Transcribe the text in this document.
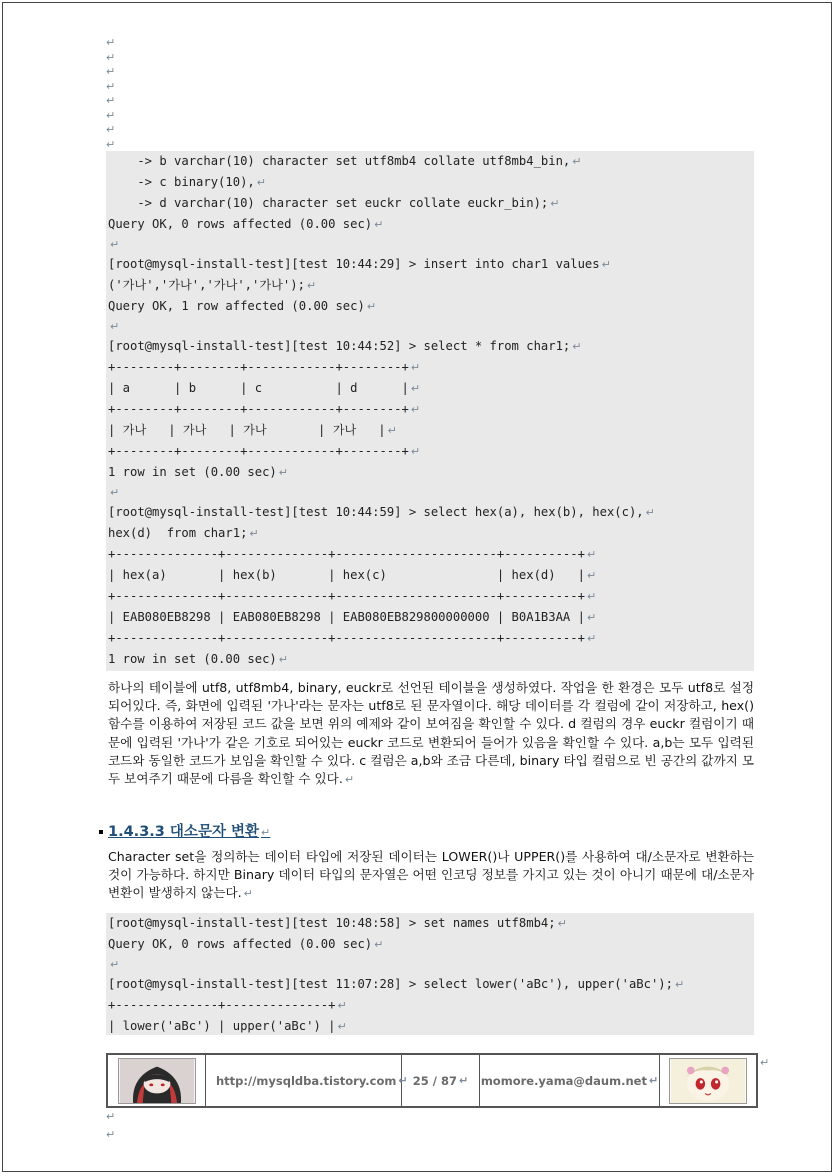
↵
↵
↵
↵
↵
↵
↵
↵
-> b varchar(10) character set utf8mb4 collate utf8mb4_bin, ↵
-> c binary(10), ↵
-> d varchar(10) character set euckr collate euckr_bin); ↵
Query OK, 0 rows affected (0.00 sec) ↵
↵
[root@mysql-install-test][test 10:44:29] > insert into char1 values ↵
('가나','가나','가나','가나'); ↵
Query OK, 1 row affected (0.00 sec) ↵
↵
[root@mysql-install-test][test 10:44:52] > select * from char1; ↵
+--------+--------+------------+--------+ ↵
| a      | b      | c          | d      | ↵
+--------+--------+------------+--------+ ↵
| 가나   | 가나   | 가나       | 가나   | ↵
+--------+--------+------------+--------+ ↵
1 row in set (0.00 sec) ↵
↵
[root@mysql-install-test][test 10:44:59] > select hex(a), hex(b), hex(c), ↵
hex(d)  from char1; ↵
+--------------+--------------+----------------------+----------+ ↵
| hex(a)       | hex(b)       | hex(c)               | hex(d)   | ↵
+--------------+--------------+----------------------+----------+ ↵
| EAB080EB8298 | EAB080EB8298 | EAB080EB829800000000 | B0A1B3AA | ↵
+--------------+--------------+----------------------+----------+ ↵
1 row in set (0.00 sec) ↵
하나의 테이블에 utf8, utf8mb4, binary, euckr로 선언된 테이블을 생성하였다. 작업을 한 환경은 모두 utf8로 설정되어있다. 즉, 화면에 입력된 '가나'라는 문자는 utf8로 된 문자열이다. 해당 데이터를 각 컬럼에 같이 저장하고, hex()함수를 이용하여 저장된 코드 값을 보면 위의 예제와 같이 보여짐을 확인할 수 있다. d 컬럼의 경우 euckr 컬럼이기 때문에 입력된 '가나'가 같은 기호로 되어있는 euckr 코드로 변환되어 들어가 있음을 확인할 수 있다. a,b는 모두 입력된 코드와 동일한 코드가 보임을 확인할 수 있다. c 컬럼은 a,b와 조금 다른데, binary 타입 컬럼으로 빈 공간의 값까지 모두 보여주기 때문에 다름을 확인할 수 있다. ↵
1.4.3.3 대소문자 변환 ↵
Character set을 정의하는 데이터 타입에 저장된 데이터는 LOWER()나 UPPER()를 사용하여 대/소문자로 변환하는 것이 가능하다. 하지만 Binary 데이터 타입의 문자열은 어떤 인코딩 정보를 가지고 있는 것이 아니기 때문에 대/소문자 변환이 발생하지 않는다. ↵
[root@mysql-install-test][test 10:48:58] > set names utf8mb4; ↵
Query OK, 0 rows affected (0.00 sec) ↵
↵
[root@mysql-install-test][test 11:07:28] > select lower('aBc'), upper('aBc'); ↵
+--------------+--------------+ ↵
| lower('aBc') | upper('aBc') | ↵
http://mysqldba.tistory.com ↵ 25 / 87 ↵ momore.yama@daum.net ↵
↵
↵
↵
